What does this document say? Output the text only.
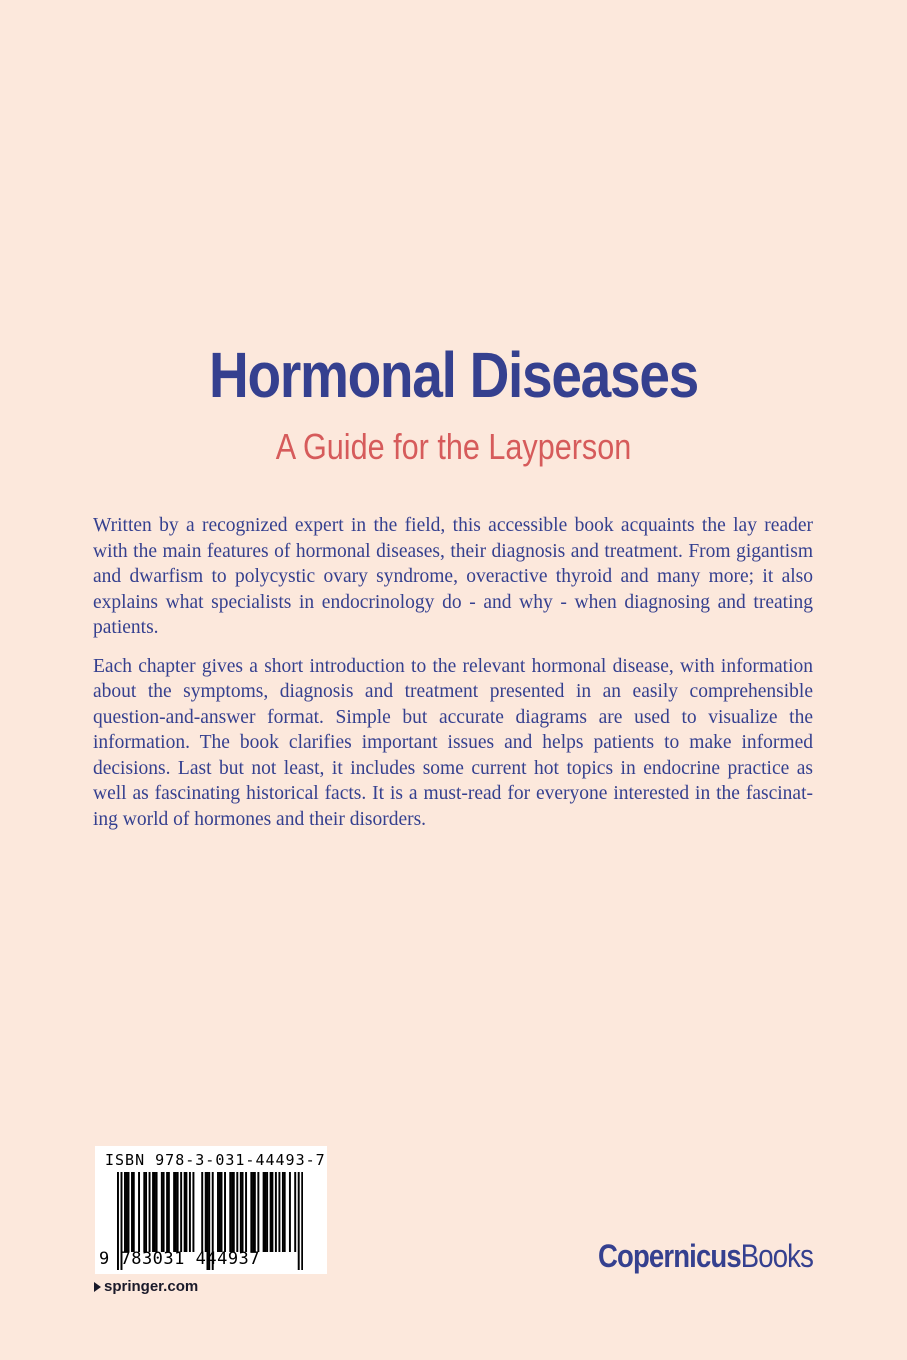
Hormonal Diseases
A Guide for the Layperson

Written by a recognized expert in the field, this accessible book acquaints the lay reader with the main features of hormonal diseases, their diagnosis and treatment. From gigantism and dwarfism to polycystic ovary syndrome, overactive thyroid and many more; it also explains what specialists in endocrinology do - and why - when diagnosing and treating patients.

Each chapter gives a short introduction to the relevant hormonal disease, with information about the symptoms, diagnosis and treatment presented in an easily comprehensible question-and-answer format. Simple but accurate diagrams are used to visualize the information. The book clarifies important issues and helps patients to make informed decisions. Last but not least, it includes some current hot topics in endocrine practice as well as fascinating historical facts. It is a must-read for everyone interested in the fascinating world of hormones and their disorders.

ISBN 978-3-031-44493-7
9 783031 444937
springer.com
CopernicusBooks
